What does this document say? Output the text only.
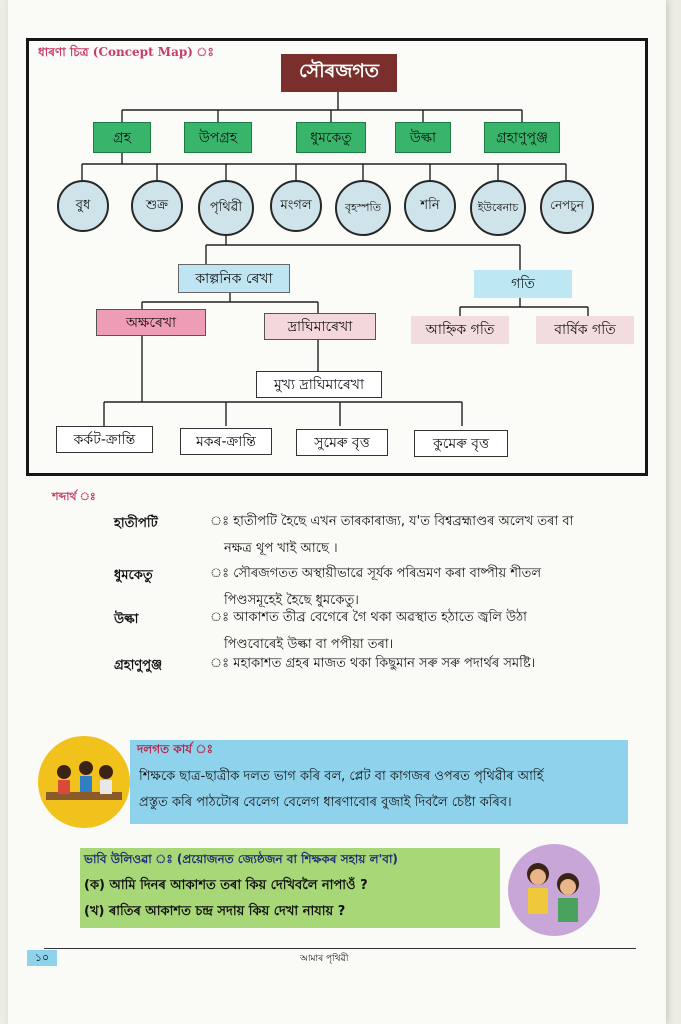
ধাৰণা চিত্ৰ (Concept Map) ঃ
সৌৰজগত
গ্ৰহ	উপগ্ৰহ	ধুমকেতু	উল্কা	গ্ৰহাণুপুঞ্জ
বুধ	শুক্ৰ	পৃথিৱী	মংগল	বৃহস্পতি	শনি	ইউৰেনাচ	নেপচুন
কাল্পনিক ৰেখা	গতি
অক্ষৰেখা	দ্ৰাঘিমাৰেখা	আহ্নিক গতি	বাৰ্ষিক গতি
মুখ্য দ্ৰাঘিমাৰেখা
কৰ্কট-ক্ৰান্তি	মকৰ-ক্ৰান্তি	সুমেৰু বৃত্ত	কুমেৰু বৃত্ত
শব্দাৰ্থ ঃ
হাতীপটি	ঃ হাতীপটি হৈছে এখন তাৰকাৰাজ্য, য'ত বিশ্বব্ৰহ্মাণ্ডৰ অলেখ তৰা বা
নক্ষত্ৰ থূপ খাই আছে ।
ধুমকেতু	ঃ সৌৰজগতত অস্থায়ীভাৱে সূৰ্যক পৰিভ্ৰমণ কৰা বাষ্পীয় শীতল
পিণ্ডসমূহেই হৈছে ধুমকেতু।
উল্কা	ঃ আকাশত তীব্ৰ বেগেৰে গৈ থকা অৱস্থাত হঠাতে জ্বলি উঠা
পিণ্ডবোৰেই উল্কা বা পপীয়া তৰা।
গ্ৰহাণুপুঞ্জ	ঃ মহাকাশত গ্ৰহৰ মাজত থকা কিছুমান সৰু সৰু পদাৰ্থৰ সমষ্টি।
দলগত কাৰ্য ঃ
শিক্ষকে ছাত্ৰ-ছাত্ৰীক দলত ভাগ কৰি বল, প্লেট বা কাগজৰ ওপৰত পৃথিৱীৰ আৰ্হি
প্ৰস্তুত কৰি পাঠটোৰ বেলেগ বেলেগ ধাৰণাবোৰ বুজাই দিবলৈ চেষ্টা কৰিব।
ভাবি উলিওৱা ঃ (প্ৰয়োজনত জ্যেষ্ঠজন বা শিক্ষকৰ সহায় ল'বা)
(ক) আমি দিনৰ আকাশত তৰা কিয় দেখিবলৈ নাপাওঁ ?
(খ) ৰাতিৰ আকাশত চন্দ্ৰ সদায় কিয় দেখা নাযায় ?
১০	আমাৰ পৃথিৱী
